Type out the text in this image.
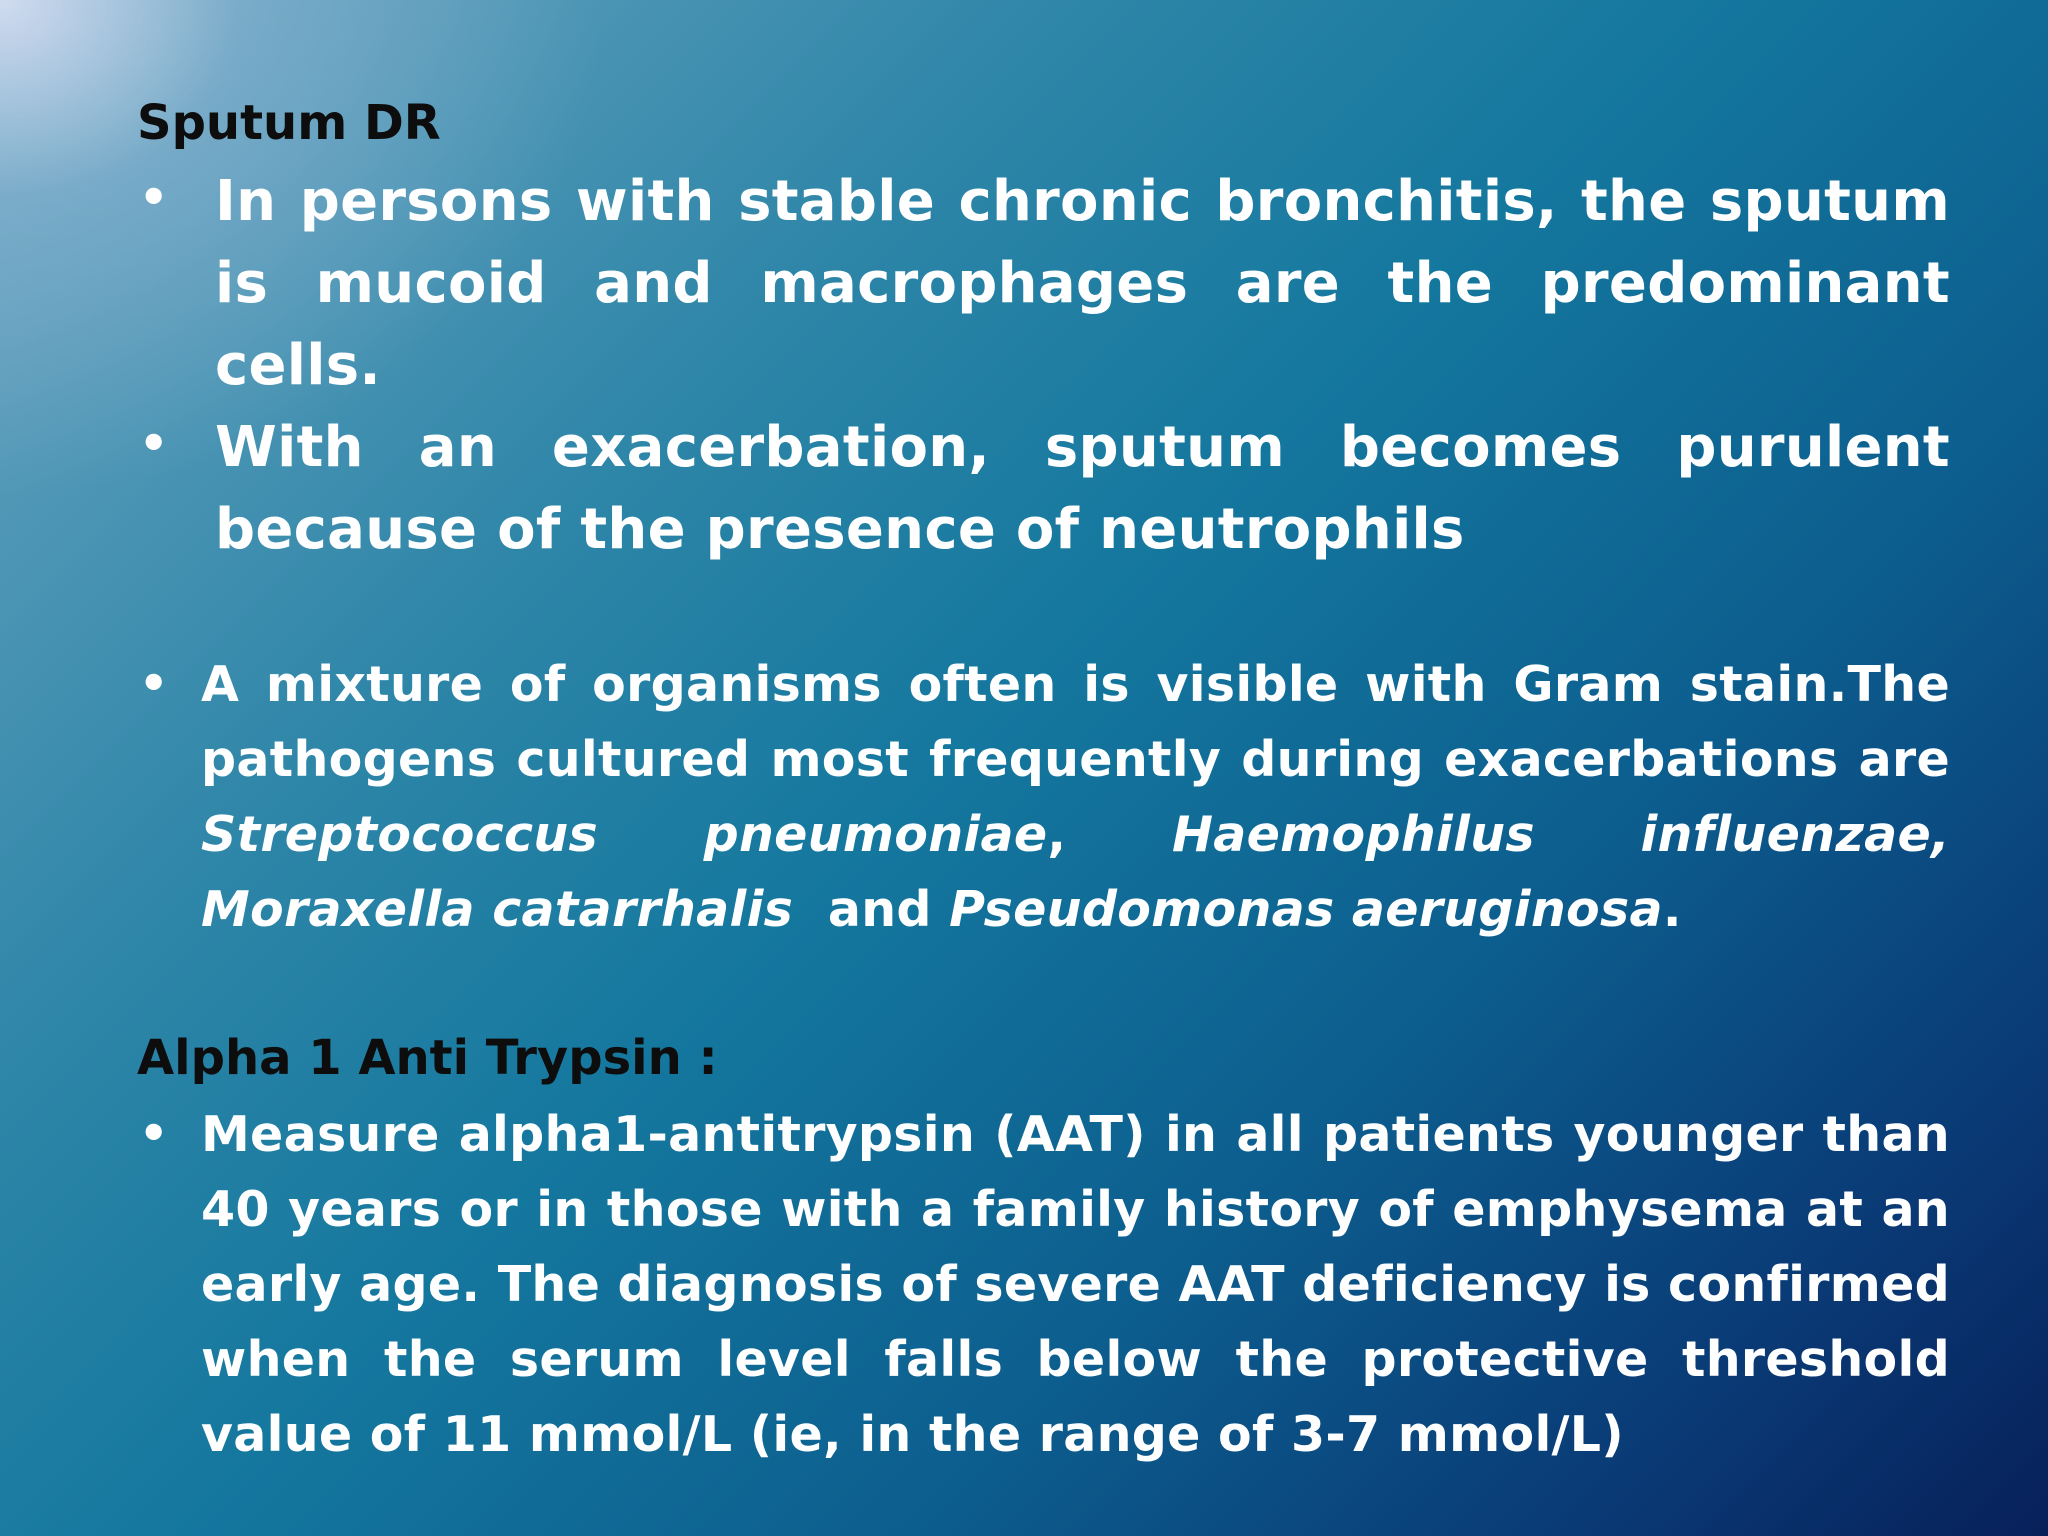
Sputum DR
• In persons with stable chronic bronchitis, the sputum is mucoid and macrophages are the predominant cells.

• With an exacerbation, sputum becomes purulent because of the presence of neutrophils

• A mixture of organisms often is visible with Gram stain.The pathogens cultured most frequently during exacerbations are Streptococcus pneumoniae, Haemophilus influenzae, Moraxella catarrhalis and Pseudomonas aeruginosa.

Alpha 1 Anti Trypsin :
• Measure alpha1-antitrypsin (AAT) in all patients younger than 40 years or in those with a family history of emphysema at an early age. The diagnosis of severe AAT deficiency is confirmed when the serum level falls below the protective threshold value of 11 mmol/L (ie, in the range of 3-7 mmol/L)
